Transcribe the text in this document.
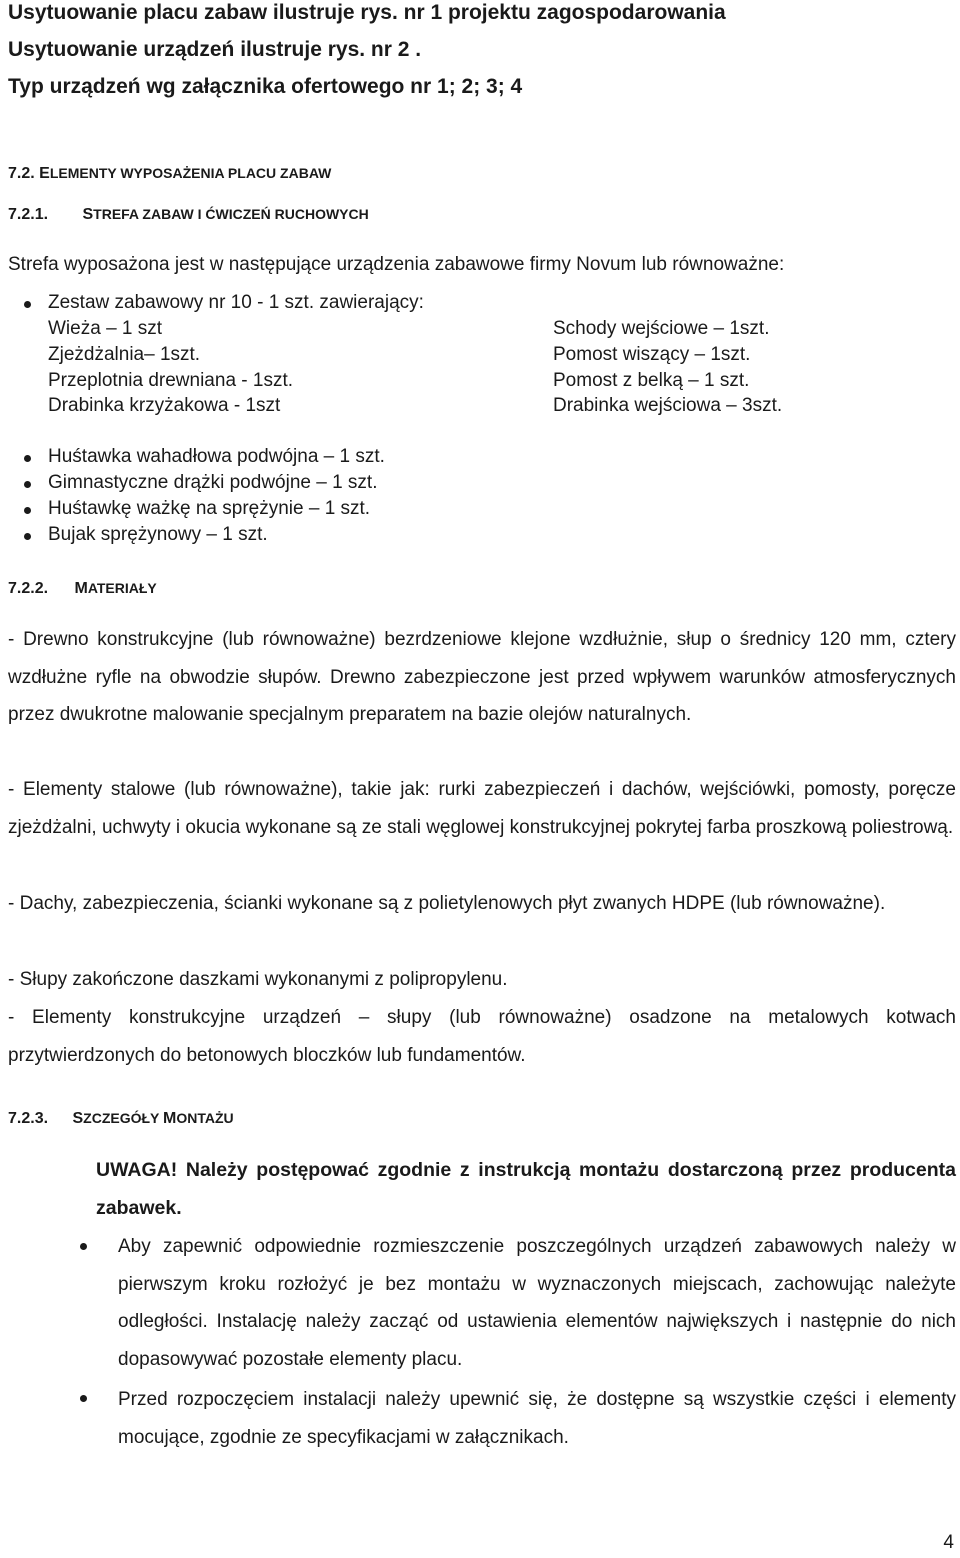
Usytuowanie placu zabaw ilustruje rys. nr 1 projektu zagospodarowania
Usytuowanie urządzeń ilustruje rys. nr 2 .
Typ urządzeń wg załącznika ofertowego nr 1; 2; 3; 4
7.2. ELEMENTY WYPOSAŻENIA PLACU ZABAW
7.2.1. STREFA ZABAW I ĆWICZEŃ RUCHOWYCH
Strefa wyposażona jest w następujące urządzenia zabawowe firmy Novum lub równoważne:
Zestaw zabawowy nr 10 - 1 szt. zawierający:
Wieża – 1 szt
Zjeżdżalnia– 1szt.
Przeplotnia drewniana - 1szt.
Drabinka krzyżakowa - 1szt
Schody wejściowe – 1szt.
Pomost wiszący – 1szt.
Pomost z belką – 1 szt.
Drabinka wejściowa – 3szt.
Huśtawka wahadłowa podwójna – 1 szt.
Gimnastyczne drążki podwójne – 1 szt.
Huśtawkę ważkę na sprężynie – 1 szt.
Bujak sprężynowy – 1 szt.
7.2.2. MATERIAŁY
- Drewno konstrukcyjne (lub równoważne) bezrdzeniowe klejone wzdłużnie, słup o średnicy 120 mm, cztery wzdłużne ryfle na obwodzie słupów. Drewno zabezpieczone jest przed wpływem warunków atmosferycznych przez dwukrotne malowanie specjalnym preparatem na bazie olejów naturalnych.
- Elementy stalowe (lub równoważne), takie jak: rurki zabezpieczeń i dachów, wejściówki, pomosty, poręcze zjeżdżalni, uchwyty i okucia wykonane są ze stali węglowej konstrukcyjnej pokrytej farba proszkową poliestrową.
- Dachy, zabezpieczenia, ścianki wykonane są z polietylenowych płyt zwanych HDPE (lub równoważne).
- Słupy zakończone daszkami wykonanymi z polipropylenu.
- Elementy konstrukcyjne urządzeń – słupy (lub równoważne) osadzone na metalowych kotwach przytwierdzonych do betonowych bloczków lub fundamentów.
7.2.3. SZCZEGÓŁY MONTAŻU
UWAGA! Należy postępować zgodnie z instrukcją montażu dostarczoną przez producenta zabawek.
Aby zapewnić odpowiednie rozmieszczenie poszczególnych urządzeń zabawowych należy w pierwszym kroku rozłożyć je bez montażu w wyznaczonych miejscach, zachowując należyte odległości. Instalację należy zacząć od ustawienia elementów największych i następnie do nich dopasowywać pozostałe elementy placu.
Przed rozpoczęciem instalacji należy upewnić się, że dostępne są wszystkie części i elementy mocujące, zgodnie ze specyfikacjami w załącznikach.
4
